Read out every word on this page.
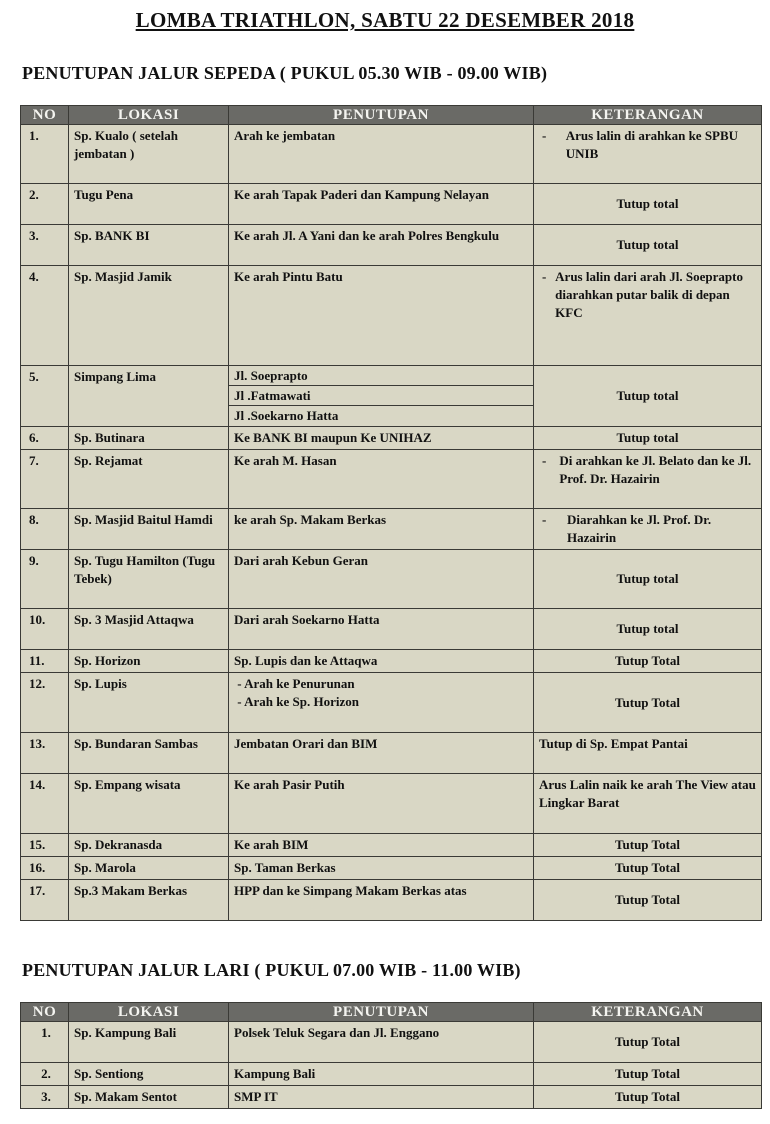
LOMBA TRIATHLON, SABTU 22 DESEMBER 2018
PENUTUPAN JALUR SEPEDA ( PUKUL 05.30 WIB - 09.00 WIB)
NO	LOKASI	PENUTUPAN	KETERANGAN
1.	Sp. Kualo ( setelah jembatan )	Arah ke jembatan	- Arus lalin di arahkan ke SPBU UNIB

2.	Tugu Pena	Ke arah Tapak Paderi dan Kampung Nelayan	Tutup total
3.	Sp. BANK BI	Ke arah Jl. A Yani dan ke arah Polres Bengkulu	Tutup total
4.	Sp. Masjid Jamik	Ke arah Pintu Batu	- Arus lalin dari arah Jl. Soeprapto diarahkan putar balik di depan KFC

5.	Simpang Lima	Jl. Soeprapto
Jl .Fatmawati
Jl .Soekarno Hatta	Tutup total
6.	Sp. Butinara	Ke BANK BI maupun Ke UNIHAZ	Tutup total
7.	Sp. Rejamat	Ke arah M. Hasan	- Di arahkan ke Jl. Belato dan ke Jl. Prof. Dr. Hazairin

8.	Sp. Masjid Baitul Hamdi	ke arah Sp. Makam Berkas	- Diarahkan ke Jl. Prof. Dr. Hazairin

9.	Sp. Tugu Hamilton (Tugu Tebek)	Dari arah Kebun Geran	Tutup total
10.	Sp. 3 Masjid Attaqwa	Dari arah Soekarno Hatta	Tutup total
11.	Sp. Horizon	Sp. Lupis dan ke Attaqwa	Tutup Total
12.	Sp. Lupis	- Arah ke Penurunan
- Arah ke Sp. Horizon	Tutup Total
13.	Sp. Bundaran Sambas	Jembatan Orari dan BIM	Tutup di Sp. Empat Pantai
14.	Sp. Empang wisata	Ke arah Pasir Putih	Arus Lalin naik ke arah The View atau Lingkar Barat
15.	Sp. Dekranasda	Ke arah BIM	Tutup Total
16.	Sp. Marola	Sp. Taman Berkas	Tutup Total
17.	Sp.3 Makam Berkas	HPP dan ke Simpang Makam Berkas atas	Tutup Total
PENUTUPAN JALUR LARI ( PUKUL 07.00 WIB - 11.00 WIB)
NO	LOKASI	PENUTUPAN	KETERANGAN
1.	Sp. Kampung Bali	Polsek Teluk Segara dan Jl. Enggano	Tutup Total
2.	Sp. Sentiong	Kampung Bali	Tutup Total
3.	Sp. Makam Sentot	SMP IT	Tutup Total
